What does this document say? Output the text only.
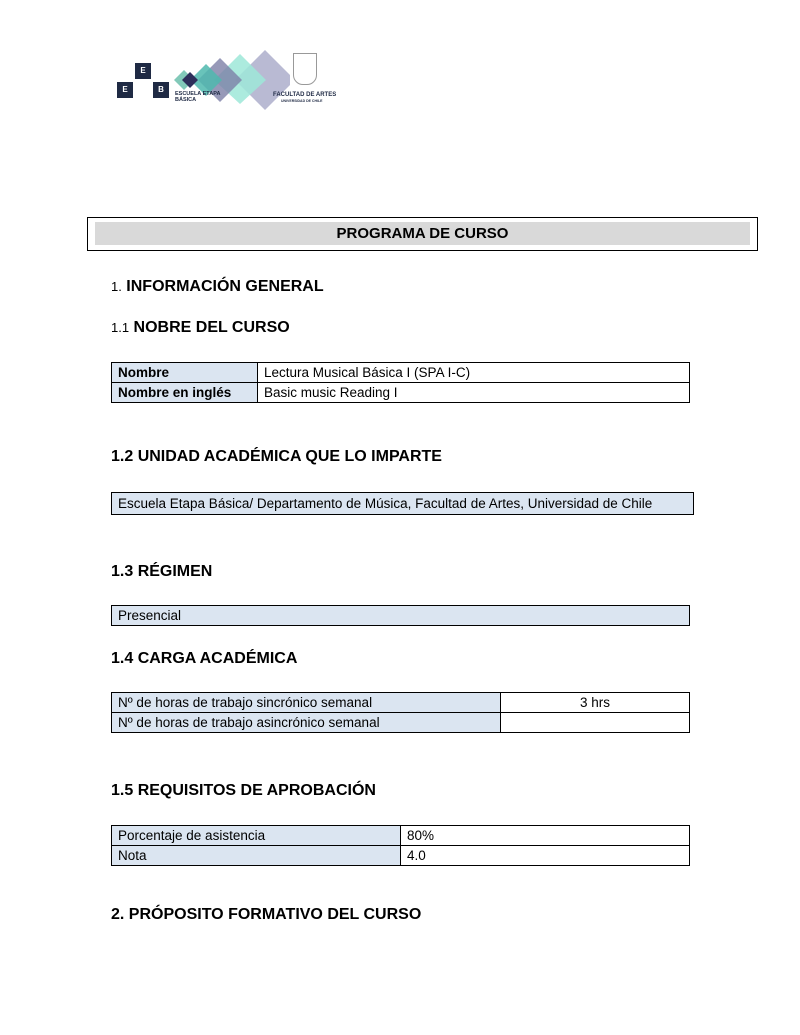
E
E	B	ESCUELA ETAPA BÁSICA
FACULTAD DE ARTES
UNIVERSIDAD DE CHILE
PROGRAMA DE CURSO
1. INFORMACIÓN GENERAL
1.1 NOBRE DEL CURSO
Nombre	Lectura Musical Básica I (SPA I-C)
Nombre en inglés	Basic music Reading I
1.2 UNIDAD ACADÉMICA QUE LO IMPARTE
Escuela Etapa Básica/ Departamento de Música, Facultad de Artes, Universidad de Chile
1.3 RÉGIMEN
Presencial
1.4 CARGA ACADÉMICA
Nº de horas de trabajo sincrónico semanal	3 hrs
Nº de horas de trabajo asincrónico semanal	
1.5 REQUISITOS DE APROBACIÓN
Porcentaje de asistencia	80%
Nota	4.0
2. PRÓPOSITO FORMATIVO DEL CURSO
